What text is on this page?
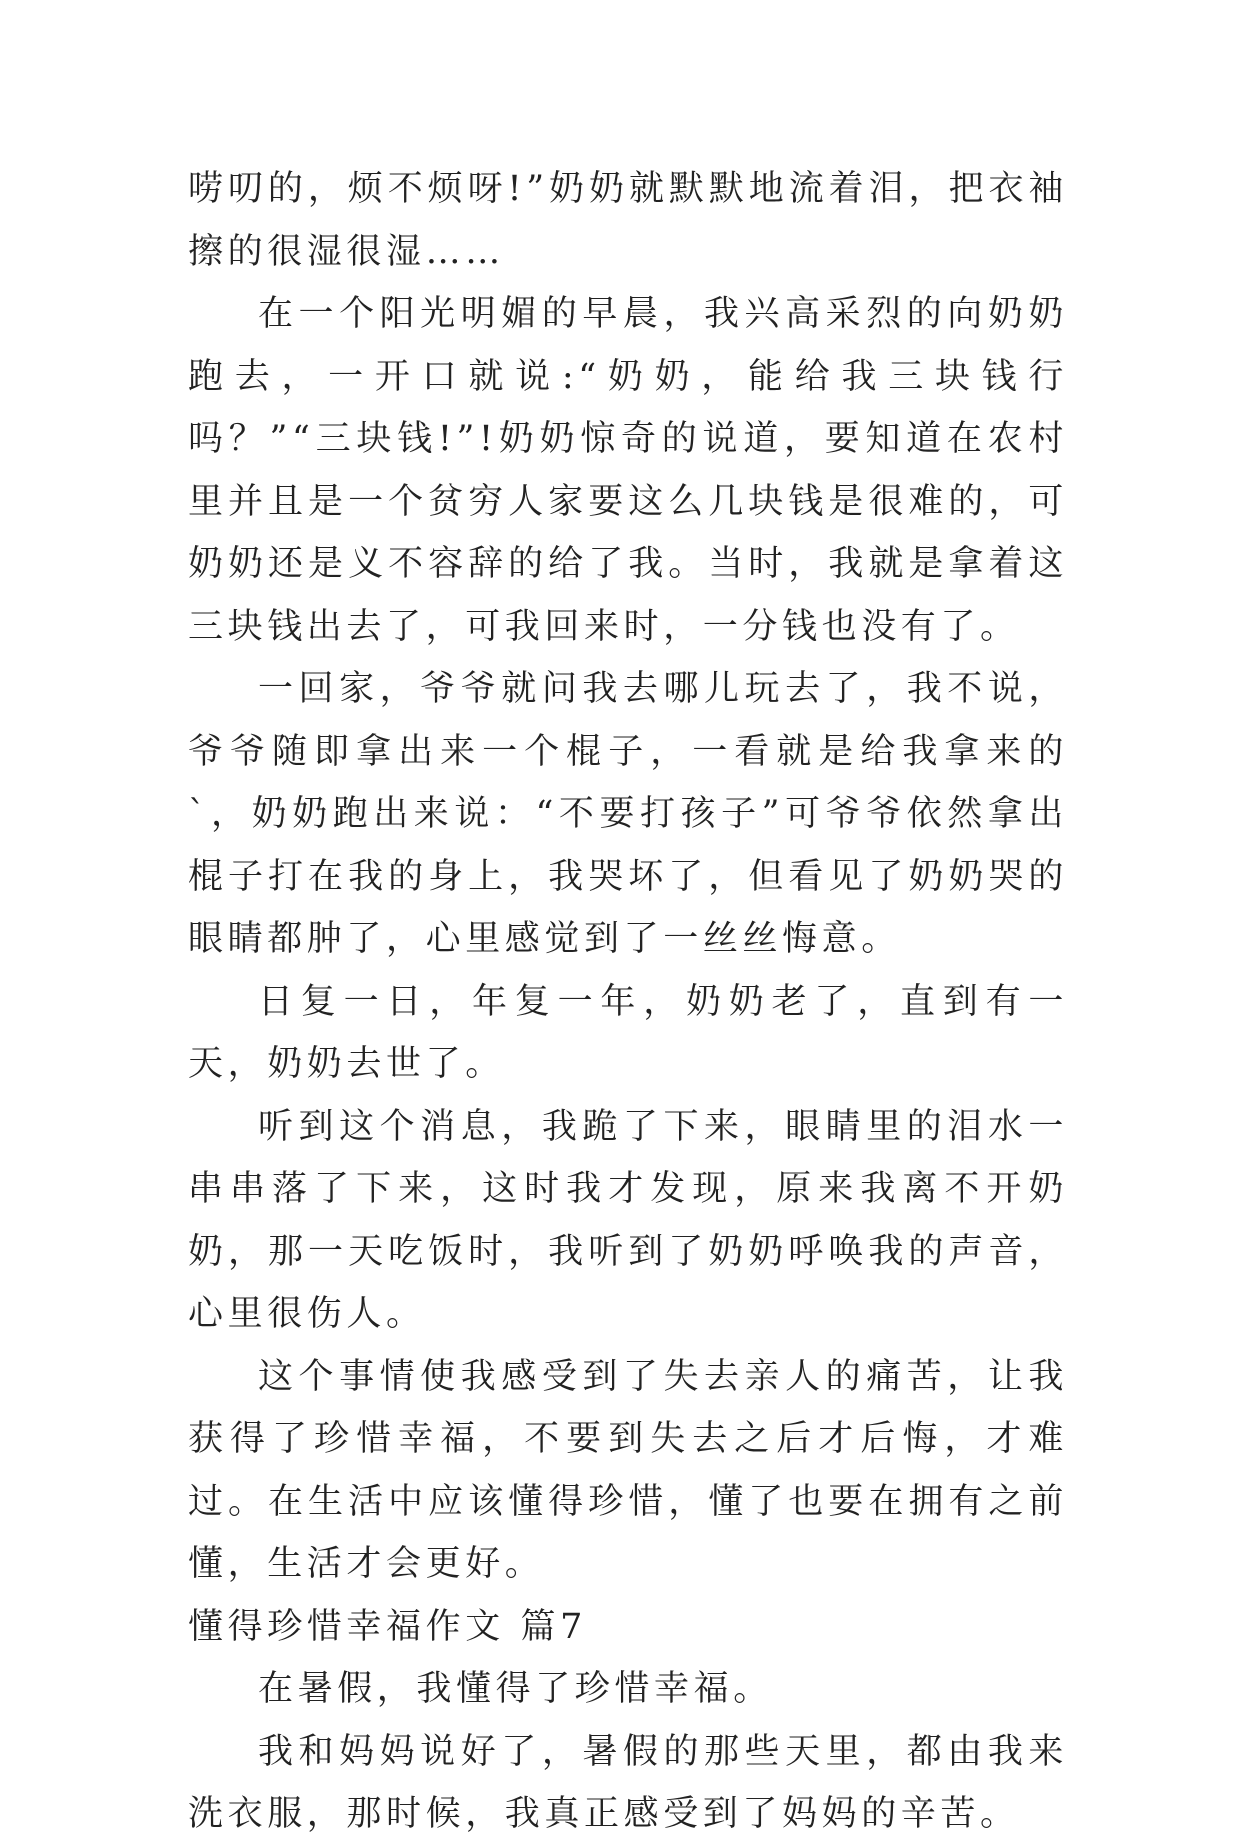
唠叨的，烦不烦呀!”奶奶就默默地流着泪，把衣袖擦的很湿很湿……

在一个阳光明媚的早晨，我兴高采烈的向奶奶跑去，一开口就说:“奶奶，能给我三块钱行吗？”“三块钱!”!奶奶惊奇的说道，要知道在农村里并且是一个贫穷人家要这么几块钱是很难的，可奶奶还是义不容辞的给了我。当时，我就是拿着这三块钱出去了，可我回来时，一分钱也没有了。

一回家，爷爷就问我去哪儿玩去了，我不说，爷爷随即拿出来一个棍子，一看就是给我拿来的`，奶奶跑出来说：“不要打孩子”可爷爷依然拿出棍子打在我的身上，我哭坏了，但看见了奶奶哭的眼睛都肿了，心里感觉到了一丝丝悔意。

日复一日，年复一年，奶奶老了，直到有一天，奶奶去世了。

听到这个消息，我跪了下来，眼睛里的泪水一串串落了下来，这时我才发现，原来我离不开奶奶，那一天吃饭时，我听到了奶奶呼唤我的声音，心里很伤人。

这个事情使我感受到了失去亲人的痛苦，让我获得了珍惜幸福，不要到失去之后才后悔，才难过。在生活中应该懂得珍惜，懂了也要在拥有之前懂，生活才会更好。

懂得珍惜幸福作文 篇7

在暑假，我懂得了珍惜幸福。

我和妈妈说好了，暑假的那些天里，都由我来洗衣服，那时候，我真正感受到了妈妈的辛苦。
